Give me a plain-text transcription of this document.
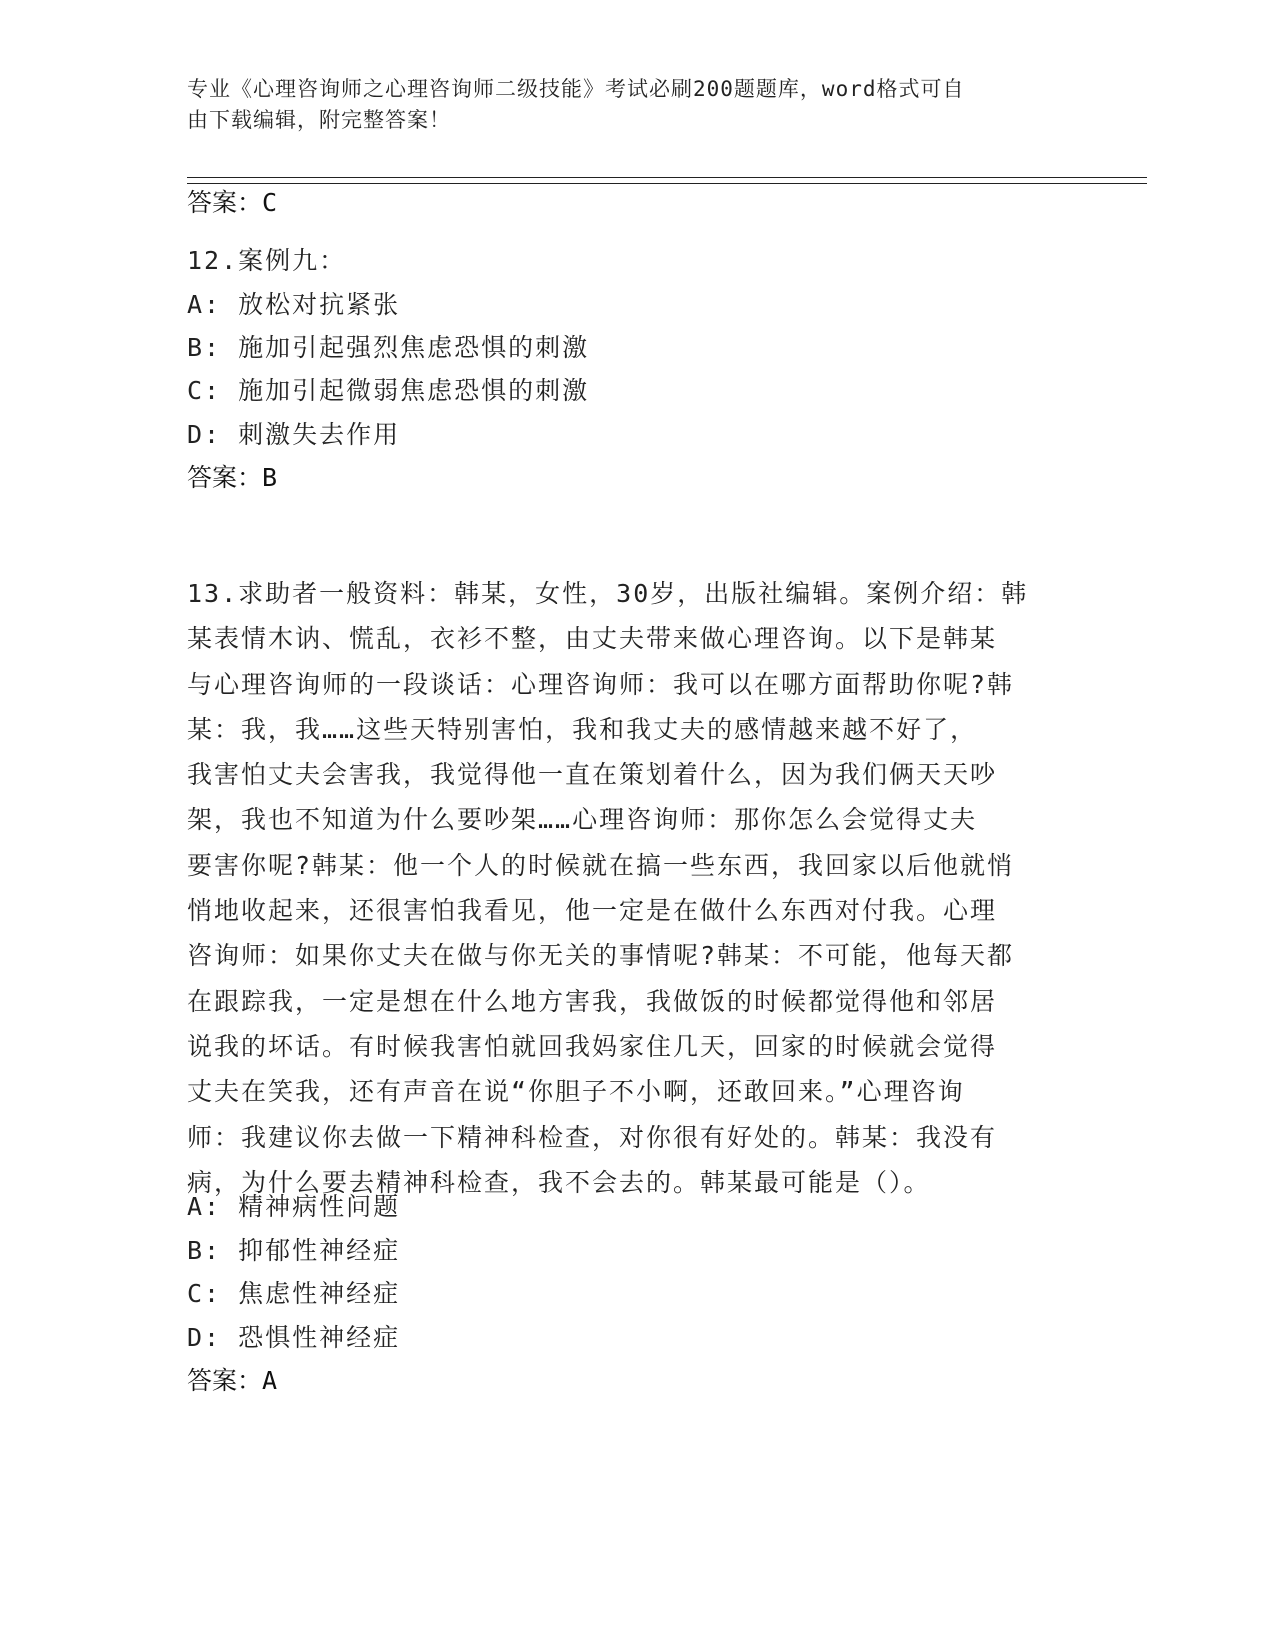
专业《心理咨询师之心理咨询师二级技能》考试必刷200题题库，word格式可自
由下载编辑，附完整答案！
答案：C
12.案例九：
A: 放松对抗紧张
B: 施加引起强烈焦虑恐惧的刺激
C: 施加引起微弱焦虑恐惧的刺激
D: 刺激失去作用
答案：B
13.求助者一般资料：韩某，女性，30岁，出版社编辑。案例介绍：韩
某表情木讷、慌乱，衣衫不整，由丈夫带来做心理咨询。以下是韩某
与心理咨询师的一段谈话：心理咨询师：我可以在哪方面帮助你呢?韩
某：我，我……这些天特别害怕，我和我丈夫的感情越来越不好了，
我害怕丈夫会害我，我觉得他一直在策划着什么，因为我们俩天天吵
架，我也不知道为什么要吵架……心理咨询师：那你怎么会觉得丈夫
要害你呢?韩某：他一个人的时候就在搞一些东西，我回家以后他就悄
悄地收起来，还很害怕我看见，他一定是在做什么东西对付我。心理
咨询师：如果你丈夫在做与你无关的事情呢?韩某：不可能，他每天都
在跟踪我，一定是想在什么地方害我，我做饭的时候都觉得他和邻居
说我的坏话。有时候我害怕就回我妈家住几天，回家的时候就会觉得
丈夫在笑我，还有声音在说“你胆子不小啊，还敢回来。”心理咨询
师：我建议你去做一下精神科检查，对你很有好处的。韩某：我没有
病，为什么要去精神科检查，我不会去的。韩某最可能是（）。
A: 精神病性问题
B: 抑郁性神经症
C: 焦虑性神经症
D: 恐惧性神经症
答案：A
